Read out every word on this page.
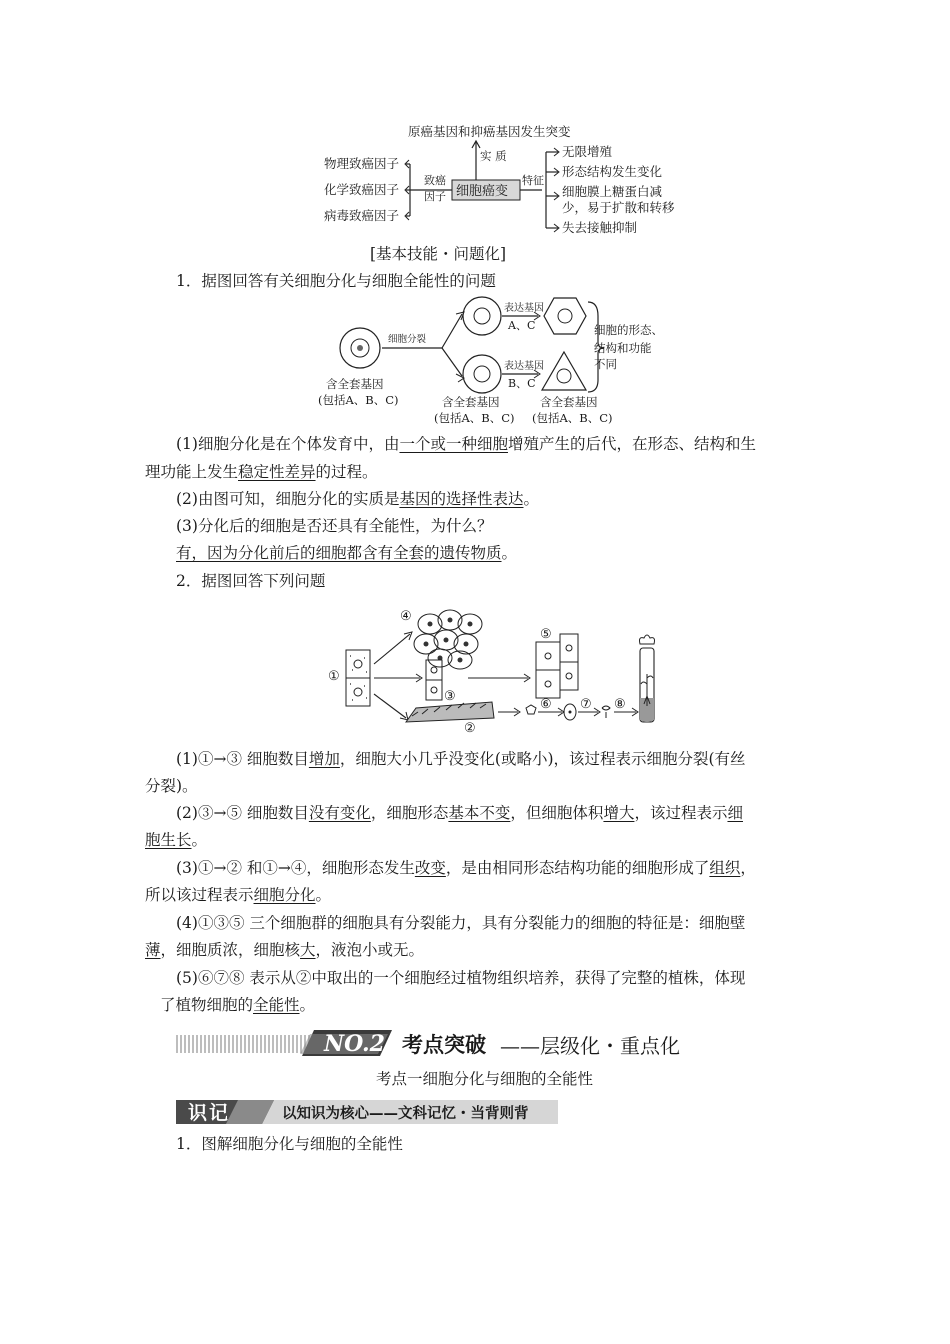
原癌基因和抑癌基因发生突变
实 质
细胞癌变
致癌
因子
物理致癌因子
化学致癌因子
病毒致癌因子
特征
无限增殖
形态结构发生变化
细胞膜上糖蛋白减
少，易于扩散和转移
失去接触抑制
[基本技能・问题化]
1．据图回答有关细胞分化与细胞全能性的问题
细胞分裂
表达基因
A、C
表达基因
B、C
细胞的形态、
结构和功能
不同
含全套基因
(包括A、B、C)	含全套基因
(包括A、B、C)
含全套基因
(包括A、B、C)
(1)细胞分化是在个体发育中，由一个或一种细胞增殖产生的后代，在形态、结构和生
理功能上发生稳定性差异的过程。
(2)由图可知，细胞分化的实质是基因的选择性表达。
(3)分化后的细胞是否还具有全能性，为什么？
有，因为分化前后的细胞都含有全套的遗传物质。
2．据图回答下列问题
①
④
③
⑤
②
⑥ ⑦ ⑧
(1)①→③ 细胞数目增加，细胞大小几乎没变化(或略小)，该过程表示细胞分裂(有丝
分裂)。
(2)③→⑤ 细胞数目没有变化，细胞形态基本不变，但细胞体积增大，该过程表示细
胞生长。
(3)①→② 和①→④，细胞形态发生改变，是由相同形态结构功能的细胞形成了组织，
所以该过程表示细胞分化。
(4)①③⑤ 三个细胞群的细胞具有分裂能力，具有分裂能力的细胞的特征是：细胞壁
薄，细胞质浓，细胞核大，液泡小或无。
(5)⑥⑦⑧ 表示从②中取出的一个细胞经过植物组织培养，获得了完整的植株，体现
了植物细胞的全能性。
NO.2 考点突破 ——层级化・重点化
考点一细胞分化与细胞的全能性
识记	以知识为核心——文科记忆・当背则背
1．图解细胞分化与细胞的全能性
